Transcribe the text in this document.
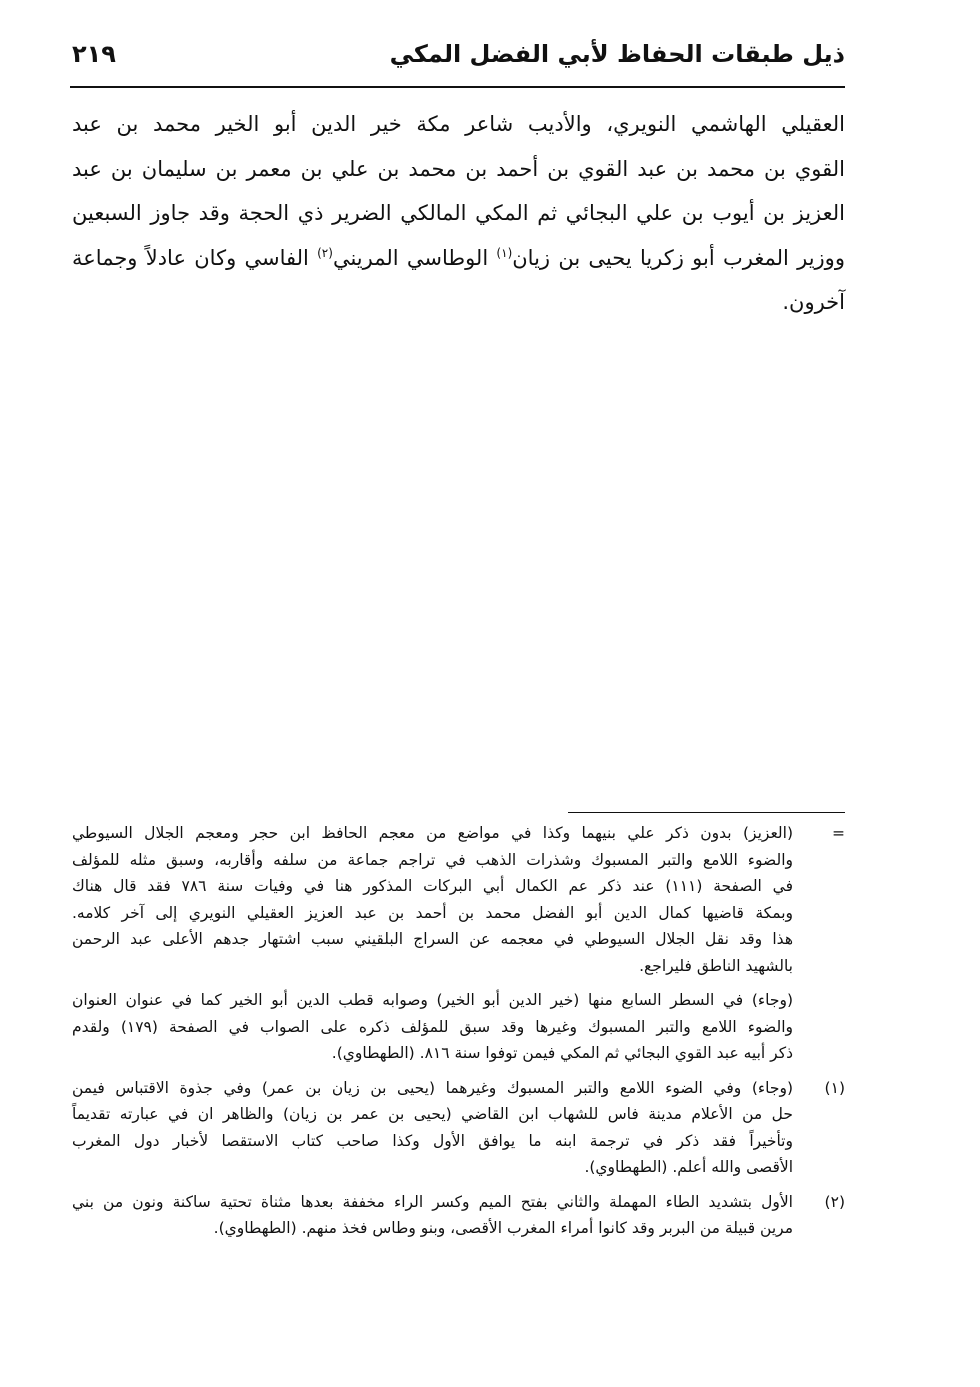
ذيل طبقات الحفاظ لأبي الفضل المكي
٢١٩
العقيلي الهاشمي النويري، والأديب شاعر مكة خير الدين أبو الخير محمد بن عبد
القوي بن محمد بن عبد القوي بن أحمد بن محمد بن علي بن معمر بن سليمان بن عبد
العزيز بن أيوب بن علي البجائي ثم المكي المالكي الضرير ذي الحجة وقد جاوز السبعين
ووزير المغرب أبو زكريا يحيى بن زيان$^{(١)}$ الوطاسي المريني$^{(٢)}$ الفاسي وكان عادلاً وجماعة
آخرون.
=
(العزيز) بدون ذكر علي بنيهما وكذا في مواضع من معجم الحافظ ابن حجر ومعجم الجلال السيوطي
والضوء اللامع والتبر المسبوك وشذرات الذهب في تراجم جماعة من سلفه وأقاربه، وسبق مثله للمؤلف
في الصفحة (١١١) عند ذكر عم الكمال أبي البركات المذكور هنا في وفيات سنة ٧٨٦ فقد قال هناك
وبمكة قاضيها كمال الدين أبو الفضل محمد بن أحمد بن عبد العزيز العقيلي النويري إلى آخر كلامه.
هذا وقد نقل الجلال السيوطي في معجمه عن السراج البلقيني سبب اشتهار جدهم الأعلى عبد الرحمن
بالشهيد الناطق فليراجع.
(وجاء) في السطر السابع منها (خير الدين أبو الخير) وصوابه قطب الدين أبو الخير كما في عنوان العنوان
والضوء اللامع والتبر المسبوك وغيرها وقد سبق للمؤلف ذكره على الصواب في الصفحة (١٧٩) ولقدم
ذكر أبيه عبد القوي البجائي ثم المكي فيمن توفوا سنة ٨١٦. (الطهطاوي).
(١)
(وجاء) وفي الضوء اللامع والتبر المسبوك وغيرهما (يحيى بن زيان بن عمر) وفي جذوة الاقتباس فيمن
حل من الأعلام مدينة فاس للشهاب ابن القاضي (يحيى بن عمر بن زيان) والظاهر ان في عبارته تقديماً
وتأخيراً فقد ذكر في ترجمة ابنه ما يوافق الأول وكذا صاحب كتاب الاستقصا لأخبار دول المغرب
الأقصى والله أعلم. (الطهطاوي).
(٢)
الأول بتشديد الطاء المهملة والثاني بفتح الميم وكسر الراء مخففة بعدها مثناة تحتية ساكنة ونون من بني
مرين قبيلة من البربر وقد كانوا أمراء المغرب الأقصى، وبنو وطاس فخذ منهم. (الطهطاوي).
